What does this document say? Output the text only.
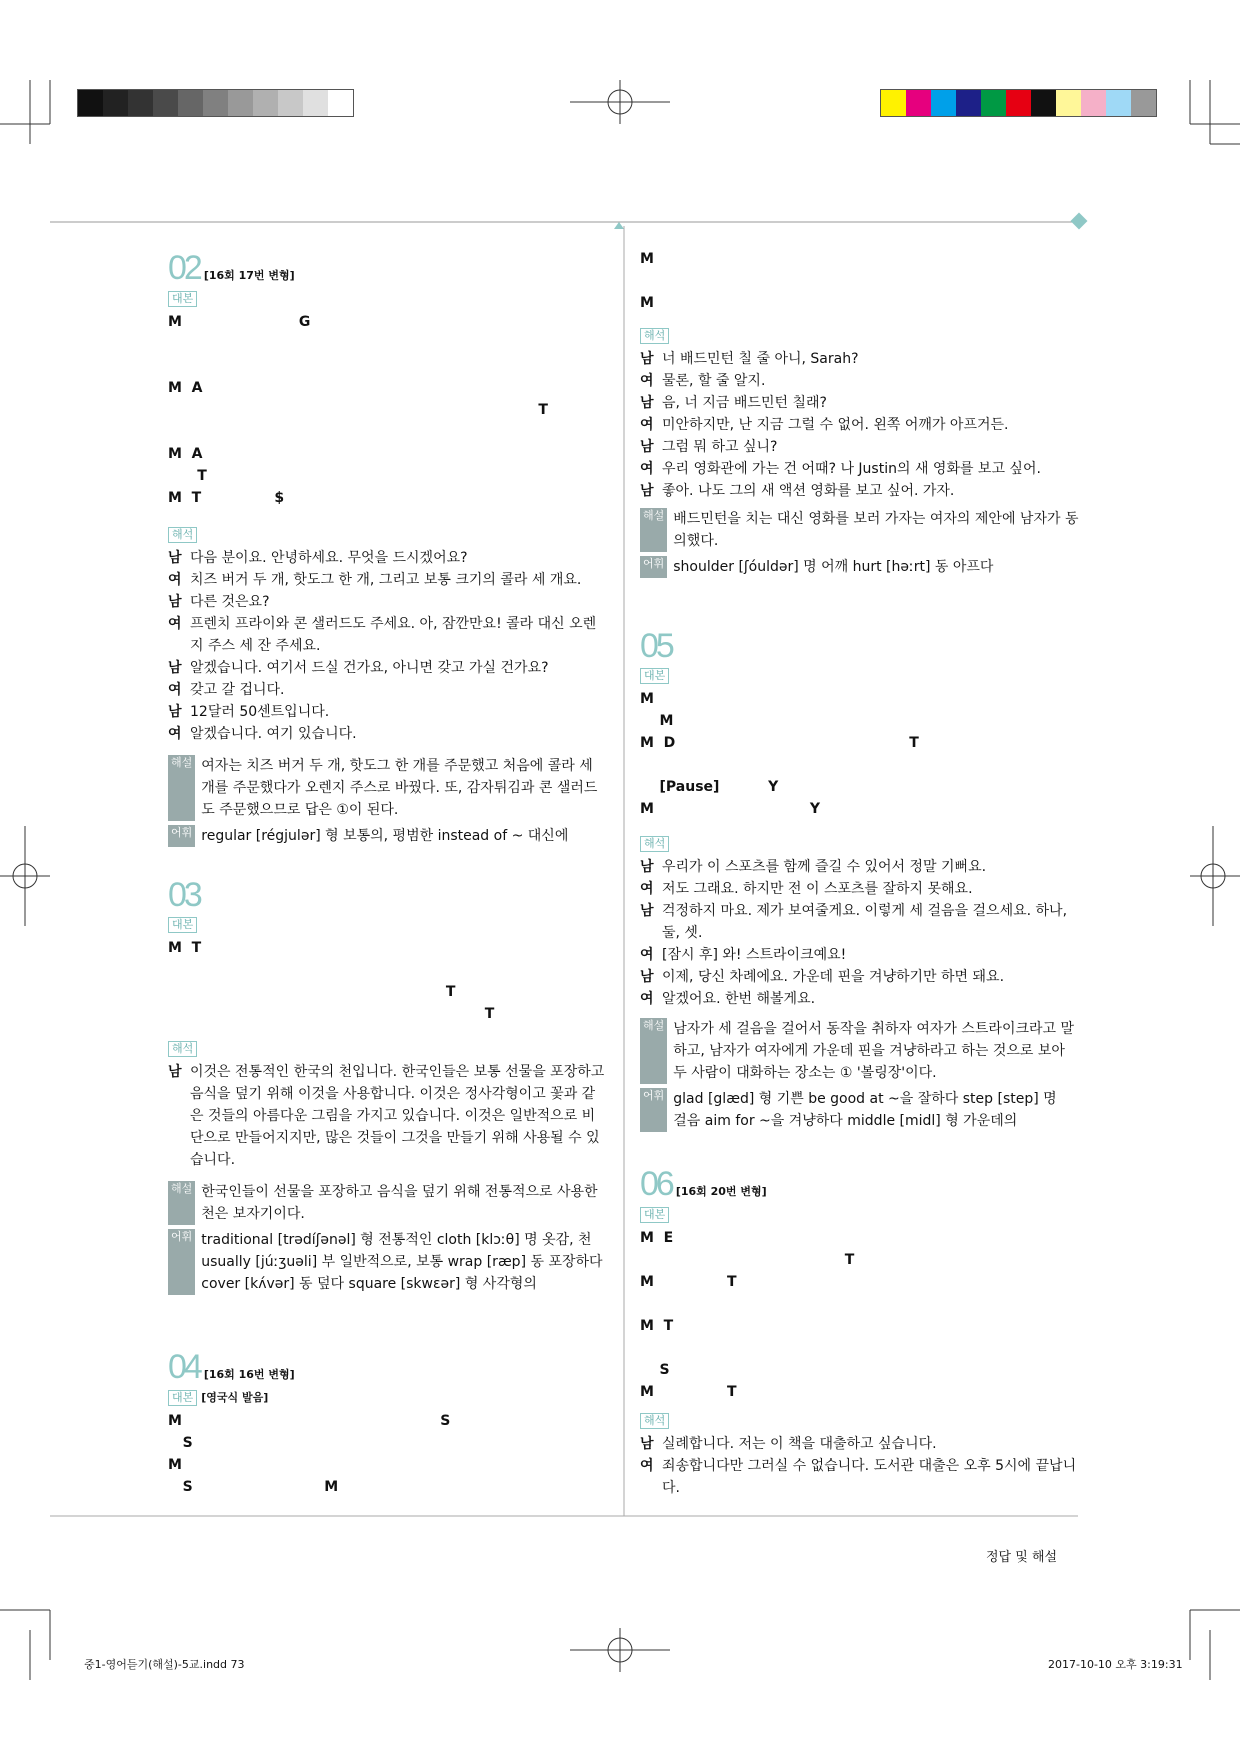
02 [16회 17번 변형]
대본
M                        G
M  A
T
M  A
T
M  T               $
해석
남 다음 분이요. 안녕하세요. 무엇을 드시겠어요?
여 치즈 버거 두 개, 핫도그 한 개, 그리고 보통 크기의 콜라 세 개요.
남 다른 것은요?
여 프렌치 프라이와 콘 샐러드도 주세요. 아, 잠깐만요! 콜라 대신 오렌지 주스 세 잔 주세요.
남 알겠습니다. 여기서 드실 건가요, 아니면 갖고 가실 건가요?
여 갖고 갈 겁니다.
남 12달러 50센트입니다.
여 알겠습니다. 여기 있습니다.
해설 여자는 치즈 버거 두 개, 핫도그 한 개를 주문했고 처음에 콜라 세 개를 주문했다가 오렌지 주스로 바꿨다. 또, 감자튀김과 콘 샐러드도 주문했으므로 답은 ①이 된다.
어휘 regular [régjulər] 형 보통의, 평범한 instead of ~ 대신에
03
대본
M  T
T
T
해석
남 이것은 전통적인 한국의 천입니다. 한국인들은 보통 선물을 포장하고 음식을 덮기 위해 이것을 사용합니다. 이것은 정사각형이고 꽃과 같은 것들의 아름다운 그림을 가지고 있습니다. 이것은 일반적으로 비단으로 만들어지지만, 많은 것들이 그것을 만들기 위해 사용될 수 있습니다.
해설 한국인들이 선물을 포장하고 음식을 덮기 위해 전통적으로 사용한 천은 보자기이다.
어휘 traditional [trədíʃənəl] 형 전통적인 cloth [klɔːθ] 명 옷감, 천
usually [júːʒuəli] 부 일반적으로, 보통 wrap [ræp] 동 포장하다
cover [kʌ́vər] 동 덮다 square [skwɛər] 형 사각형의
04 [16회 16번 변형]
대본 [영국식 발음]
M                                                     S
S
M
S                           M
M
M
해석
남 너 배드민턴 칠 줄 아니, Sarah?
여 물론, 할 줄 알지.
남 음, 너 지금 배드민턴 칠래?
여 미안하지만, 난 지금 그럴 수 없어. 왼쪽 어깨가 아프거든.
남 그럼 뭐 하고 싶니?
여 우리 영화관에 가는 건 어때? 나 Justin의 새 영화를 보고 싶어.
남 좋아. 나도 그의 새 액션 영화를 보고 싶어. 가자.
해설 배드민턴을 치는 대신 영화를 보러 가자는 여자의 제안에 남자가 동의했다.
어휘 shoulder [ʃóuldər] 명 어깨 hurt [həːrt] 동 아프다
05
대본
M
M
M  D                                                T
[Pause]          Y
M                                Y
해석
남 우리가 이 스포츠를 함께 즐길 수 있어서 정말 기뻐요.
여 저도 그래요. 하지만 전 이 스포츠를 잘하지 못해요.
남 걱정하지 마요. 제가 보여줄게요. 이렇게 세 걸음을 걸으세요. 하나, 둘, 셋.
여 [잠시 후] 와! 스트라이크예요!
남 이제, 당신 차례에요. 가운데 핀을 겨냥하기만 하면 돼요.
여 알겠어요. 한번 해볼게요.
해설 남자가 세 걸음을 걸어서 동작을 취하자 여자가 스트라이크라고 말하고, 남자가 여자에게 가운데 핀을 겨냥하라고 하는 것으로 보아 두 사람이 대화하는 장소는 ① '볼링장'이다.
어휘 glad [glæd] 형 기쁜 be good at ~을 잘하다 step [step] 명
걸음 aim for ~을 겨냥하다 middle [midl] 형 가운데의
06 [16회 20번 변형]
대본
M  E
T
M               T
M  T
S
M               T
해석
남 실례합니다. 저는 이 책을 대출하고 싶습니다.
여 죄송합니다만 그러실 수 없습니다. 도서관 대출은 오후 5시에 끝납니다.
정답 및 해설
중1-영어듣기(해설)-5교.indd 73	2017-10-10 오후 3:19:31
